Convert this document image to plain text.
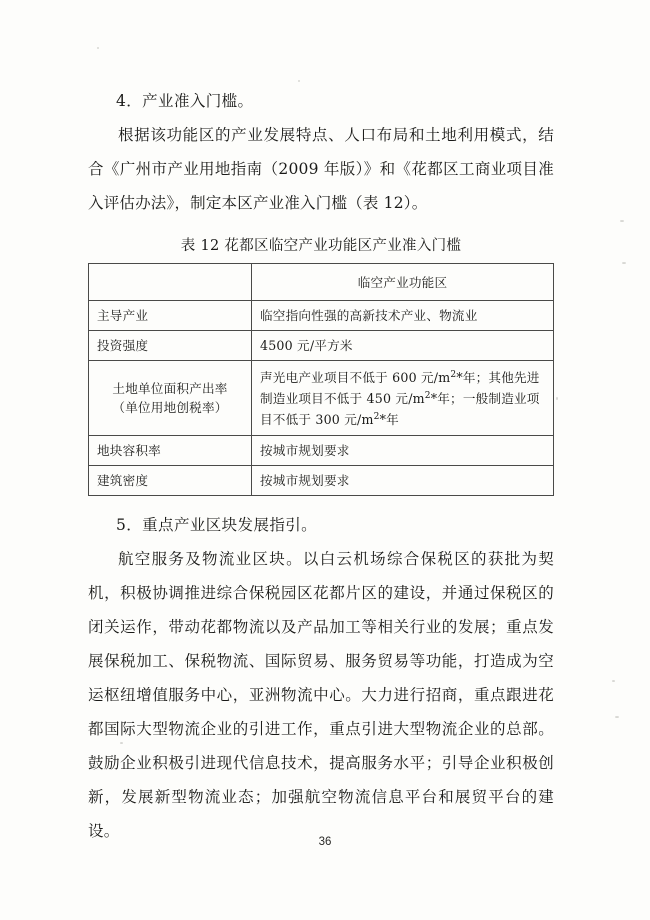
4．产业准入门槛。

根据该功能区的产业发展特点、人口布局和土地利用模式，结合《广州市产业用地指南（2009 年版）》和《花都区工商业项目准入评估办法》，制定本区产业准入门槛（表 12）。

表 12 花都区临空产业功能区产业准入门槛
	临空产业功能区
主导产业	临空指向性强的高新技术产业、物流业
投资强度	4500 元/平方米
土地单位面积产出率
（单位用地创税率）	声光电产业项目不低于 600 元$/m^2*$年；其他先进制造业项目不低于 450 元$/m^2*$年；一般制造业项目不低于 300 元$/m^2*$年
地块容积率	按城市规划要求
建筑密度	按城市规划要求

5．重点产业区块发展指引。

航空服务及物流业区块。以白云机场综合保税区的获批为契机，积极协调推进综合保税园区花都片区的建设，并通过保税区的闭关运作，带动花都物流以及产品加工等相关行业的发展；重点发展保税加工、保税物流、国际贸易、服务贸易等功能，打造成为空运枢纽增值服务中心，亚洲物流中心。大力进行招商，重点跟进花都国际大型物流企业的引进工作，重点引进大型物流企业的总部。鼓励企业积极引进现代信息技术，提高服务水平；引导企业积极创新，发展新型物流业态；加强航空物流信息平台和展贸平台的建设。

36
